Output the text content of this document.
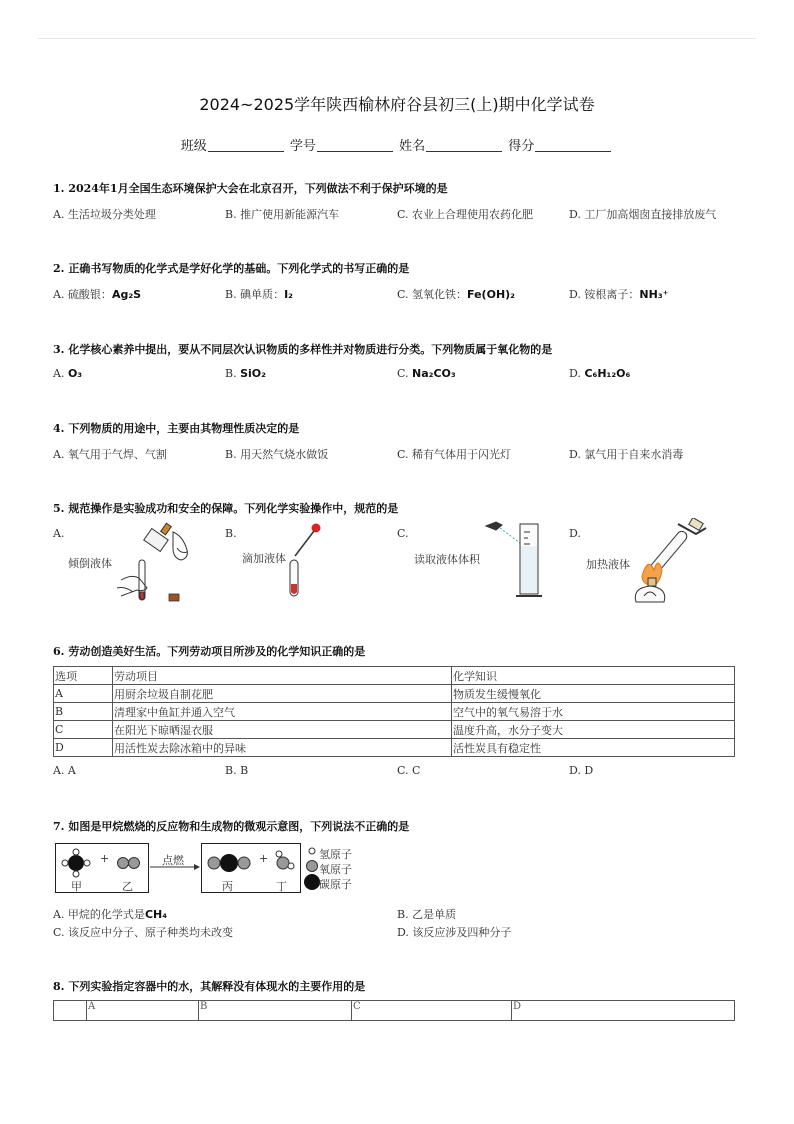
2024~2025学年陕西榆林府谷县初三(上)期中化学试卷
班级	学号	姓名	得分
1. 2024年1月全国生态环境保护大会在北京召开，下列做法不利于保护环境的是
A. 生活垃圾分类处理	B. 推广使用新能源汽车	C. 农业上合理使用农药化肥	D. 工厂加高烟囱直接排放废气
2. 正确书写物质的化学式是学好化学的基础。下列化学式的书写正确的是
A. 硫酸银：Ag₂S	B. 碘单质：I₂	C. 氢氧化铁：Fe(OH)₂	D. 铵根离子：NH₃⁺
3. 化学核心素养中提出，要从不同层次认识物质的多样性并对物质进行分类。下列物质属于氧化物的是
A. O₃	B. SiO₂	C. Na₂CO₃	D. C₆H₁₂O₆
4. 下列物质的用途中，主要由其物理性质决定的是
A. 氧气用于气焊、气割	B. 用天然气烧水做饭	C. 稀有气体用于闪光灯	D. 氯气用于自来水消毒
5. 规范操作是实验成功和安全的保障。下列化学实验操作中，规范的是
A.	B.	C.	D.
倾倒液体	滴加液体	读取液体体积	加热液体
6. 劳动创造美好生活。下列劳动项目所涉及的化学知识正确的是
选项	劳动项目	化学知识
A	用厨余垃圾自制花肥	物质发生缓慢氧化
B	清理家中鱼缸并通入空气	空气中的氧气易溶于水
C	在阳光下晾晒湿衣服	温度升高，水分子变大
D	用活性炭去除冰箱中的异味	活性炭具有稳定性
A. A	B. B	C. C	D. D
7. 如图是甲烷燃烧的反应物和生成物的微观示意图，下列说法不正确的是
+
甲	乙
点燃	+
丙	丁
氢原子
氧原子
碳原子
A. 甲烷的化学式是CH₄	B. 乙是单质
C. 该反应中分子、原子种类均未改变	D. 该反应涉及四种分子
8. 下列实验指定容器中的水，其解释没有体现水的主要作用的是
	A	B	C	D
